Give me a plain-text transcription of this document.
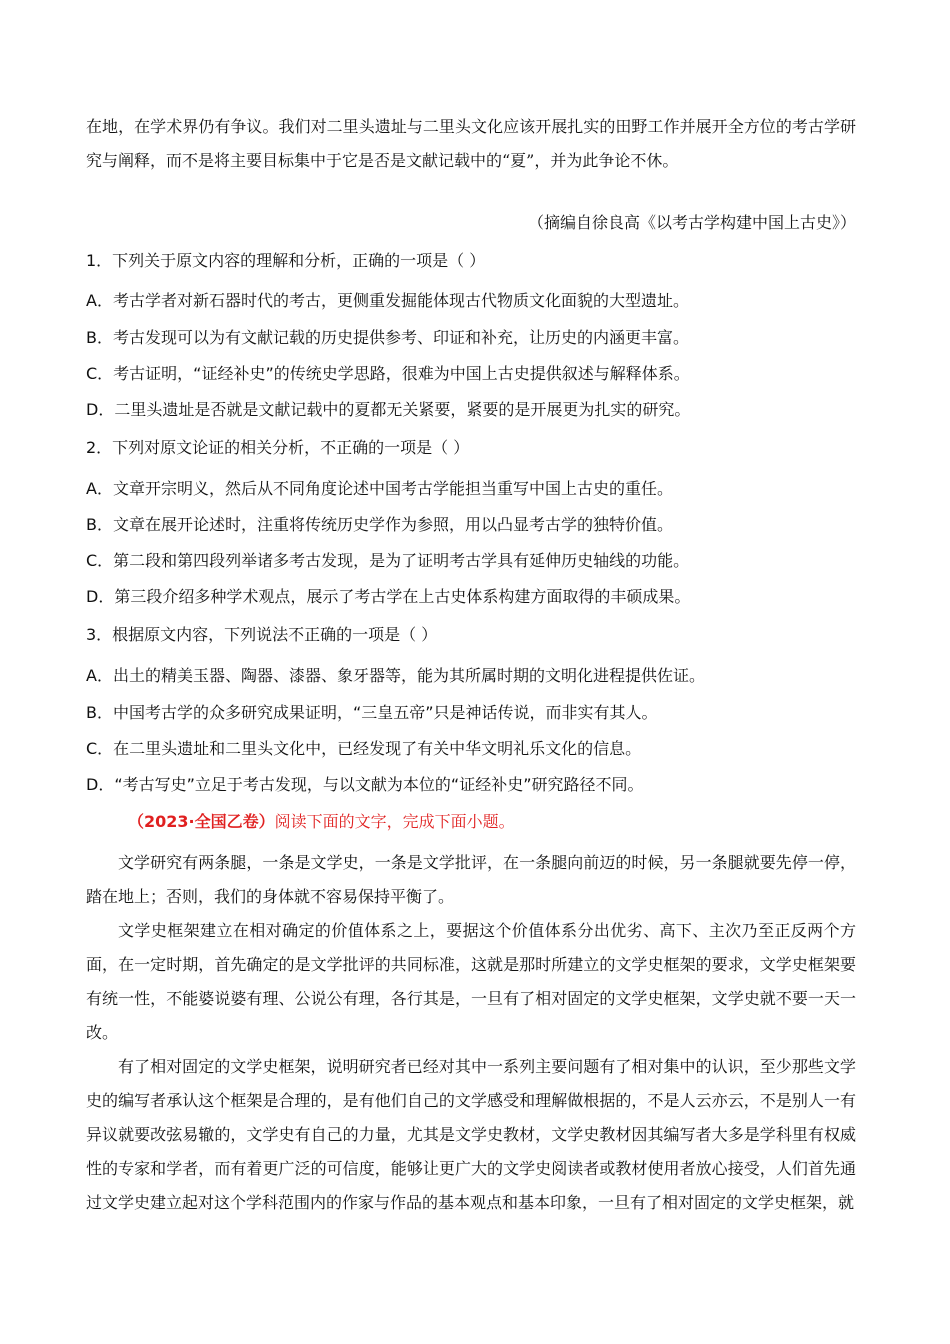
在地，在学术界仍有争议。我们对二里头遗址与二里头文化应该开展扎实的田野工作并展开全方位的考古学研究与阐释，而不是将主要目标集中于它是否是文献记载中的“夏”，并为此争论不休。

（摘编自徐良高《以考古学构建中国上古史》）

1．下列关于原文内容的理解和分析，正确的一项是（ ）

A．考古学者对新石器时代的考古，更侧重发掘能体现古代物质文化面貌的大型遗址。

B．考古发现可以为有文献记载的历史提供参考、印证和补充，让历史的内涵更丰富。

C．考古证明，“证经补史”的传统史学思路，很难为中国上古史提供叙述与解释体系。

D．二里头遗址是否就是文献记载中的夏都无关紧要，紧要的是开展更为扎实的研究。

2．下列对原文论证的相关分析，不正确的一项是（ ）

A．文章开宗明义，然后从不同角度论述中国考古学能担当重写中国上古史的重任。

B．文章在展开论述时，注重将传统历史学作为参照，用以凸显考古学的独特价值。

C．第二段和第四段列举诸多考古发现，是为了证明考古学具有延伸历史轴线的功能。

D．第三段介绍多种学术观点，展示了考古学在上古史体系构建方面取得的丰硕成果。

3．根据原文内容，下列说法不正确的一项是（ ）

A．出土的精美玉器、陶器、漆器、象牙器等，能为其所属时期的文明化进程提供佐证。

B．中国考古学的众多研究成果证明，“三皇五帝”只是神话传说，而非实有其人。

C．在二里头遗址和二里头文化中，已经发现了有关中华文明礼乐文化的信息。

D．“考古写史”立足于考古发现，与以文献为本位的“证经补史”研究路径不同。

（2023·全国乙卷）阅读下面的文字，完成下面小题。

文学研究有两条腿，一条是文学史，一条是文学批评，在一条腿向前迈的时候，另一条腿就要先停一停，踏在地上；否则，我们的身体就不容易保持平衡了。

文学史框架建立在相对确定的价值体系之上，要据这个价值体系分出优劣、高下、主次乃至正反两个方面，在一定时期，首先确定的是文学批评的共同标准，这就是那时所建立的文学史框架的要求，文学史框架要有统一性，不能婆说婆有理、公说公有理，各行其是，一旦有了相对固定的文学史框架，文学史就不要一天一改。

有了相对固定的文学史框架，说明研究者已经对其中一系列主要问题有了相对集中的认识，至少那些文学史的编写者承认这个框架是合理的，是有他们自己的文学感受和理解做根据的，不是人云亦云，不是别人一有异议就要改弦易辙的，文学史有自己的力量，尤其是文学史教材，文学史教材因其编写者大多是学科里有权威性的专家和学者，而有着更广泛的可信度，能够让更广大的文学史阅读者或教材使用者放心接受，人们首先通过文学史建立起对这个学科范围内的作家与作品的基本观点和基本印象，一旦有了相对固定的文学史框架，就
